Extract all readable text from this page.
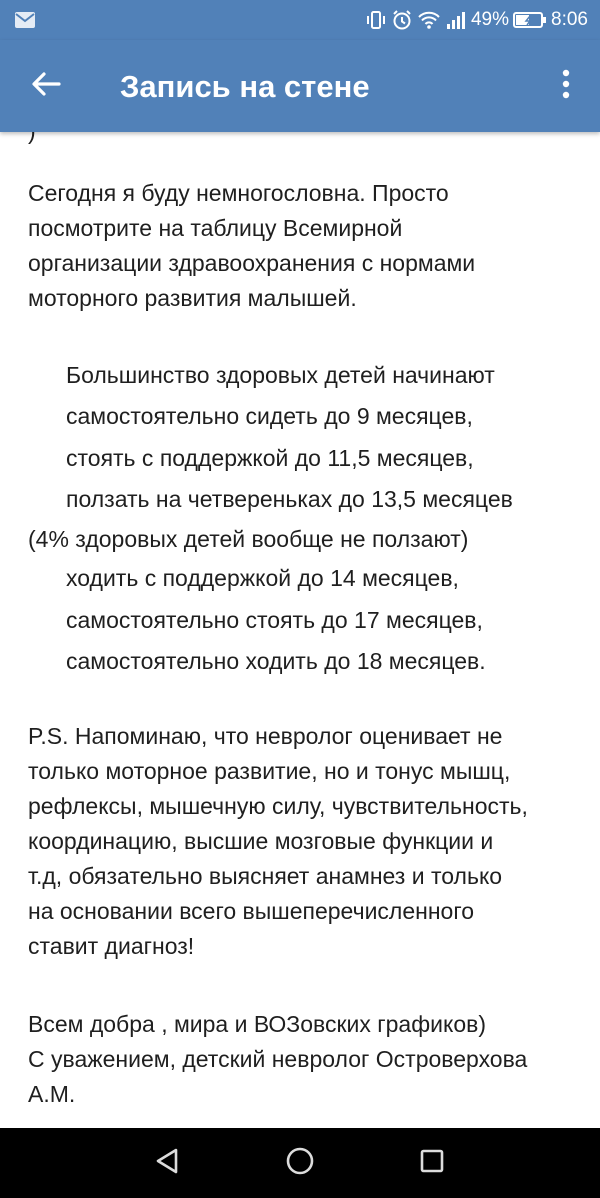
49% 8:06
Запись на стене
Сегодня я буду немногословна. Просто
посмотрите на таблицу Всемирной
организации здравоохранения с нормами
моторного развития малышей.
Большинство здоровых детей начинают
самостоятельно сидеть до 9 месяцев,
стоять с поддержкой до 11,5 месяцев,
ползать на четвереньках до 13,5 месяцев
(4% здоровых детей вообще не ползают)
ходить с поддержкой до 14 месяцев,
самостоятельно стоять до 17 месяцев,
самостоятельно ходить до 18 месяцев.
P.S. Напоминаю, что невролог оценивает не
только моторное развитие, но и тонус мышц,
рефлексы, мышечную силу, чувствительность,
координацию, высшие мозговые функции и
т.д, обязательно выясняет анамнез и только
на основании всего вышеперечисленного
ставит диагноз!
Всем добра , мира и ВОЗовских графиков)
С уважением, детский невролог Островерхова
А.М.
